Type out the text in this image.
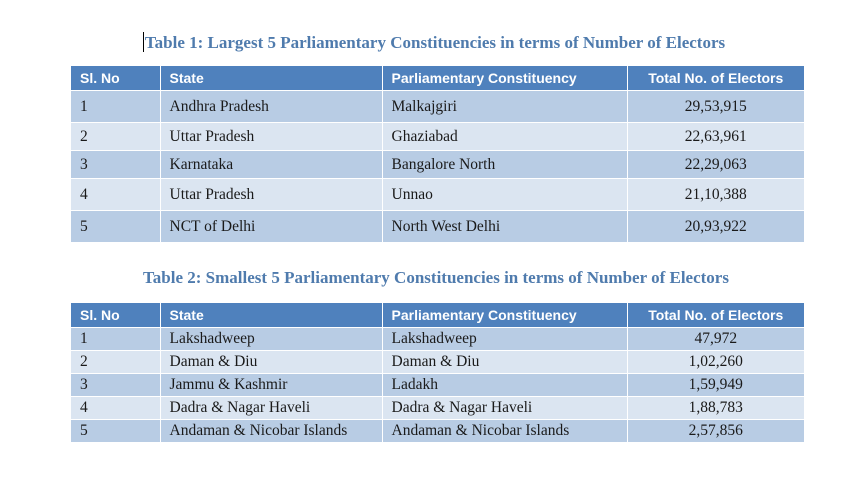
Table 1: Largest 5 Parliamentary Constituencies in terms of Number of Electors
Sl. No	State	Parliamentary Constituency	Total No. of Electors
1	Andhra Pradesh	Malkajgiri	29,53,915
2	Uttar Pradesh	Ghaziabad	22,63,961
3	Karnataka	Bangalore North	22,29,063
4	Uttar Pradesh	Unnao	21,10,388
5	NCT of Delhi	North West Delhi	20,93,922
Table 2: Smallest 5 Parliamentary Constituencies in terms of Number of Electors
Sl. No	State	Parliamentary Constituency	Total No. of Electors
1	Lakshadweep	Lakshadweep	47,972
2	Daman & Diu	Daman & Diu	1,02,260
3	Jammu & Kashmir	Ladakh	1,59,949
4	Dadra & Nagar Haveli	Dadra & Nagar Haveli	1,88,783
5	Andaman & Nicobar Islands	Andaman & Nicobar Islands	2,57,856
